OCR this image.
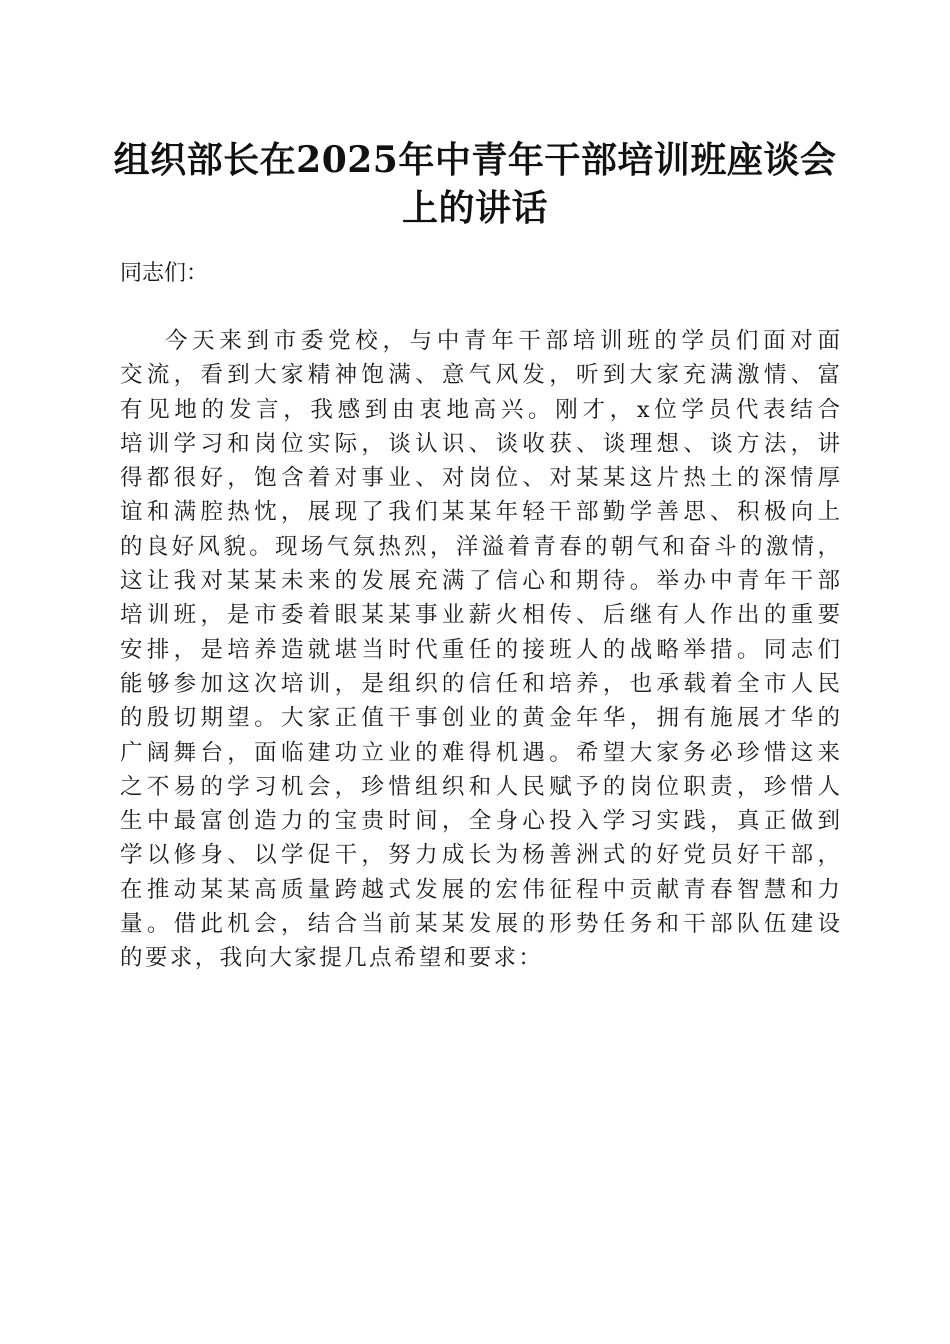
组织部长在2025年中青年干部培训班座谈会
上的讲话

同志们：

今天来到市委党校，与中青年干部培训班的学员们面对面
交流，看到大家精神饱满、意气风发，听到大家充满激情、富
有见地的发言，我感到由衷地高兴。刚才，x位学员代表结合
培训学习和岗位实际，谈认识、谈收获、谈理想、谈方法，讲
得都很好，饱含着对事业、对岗位、对某某这片热土的深情厚
谊和满腔热忱，展现了我们某某年轻干部勤学善思、积极向上
的良好风貌。现场气氛热烈，洋溢着青春的朝气和奋斗的激情，
这让我对某某未来的发展充满了信心和期待。举办中青年干部
培训班，是市委着眼某某事业薪火相传、后继有人作出的重要
安排，是培养造就堪当时代重任的接班人的战略举措。同志们
能够参加这次培训，是组织的信任和培养，也承载着全市人民
的殷切期望。大家正值干事创业的黄金年华，拥有施展才华的
广阔舞台，面临建功立业的难得机遇。希望大家务必珍惜这来
之不易的学习机会，珍惜组织和人民赋予的岗位职责，珍惜人
生中最富创造力的宝贵时间，全身心投入学习实践，真正做到
学以修身、以学促干，努力成长为杨善洲式的好党员好干部，
在推动某某高质量跨越式发展的宏伟征程中贡献青春智慧和力
量。借此机会，结合当前某某发展的形势任务和干部队伍建设
的要求，我向大家提几点希望和要求：
